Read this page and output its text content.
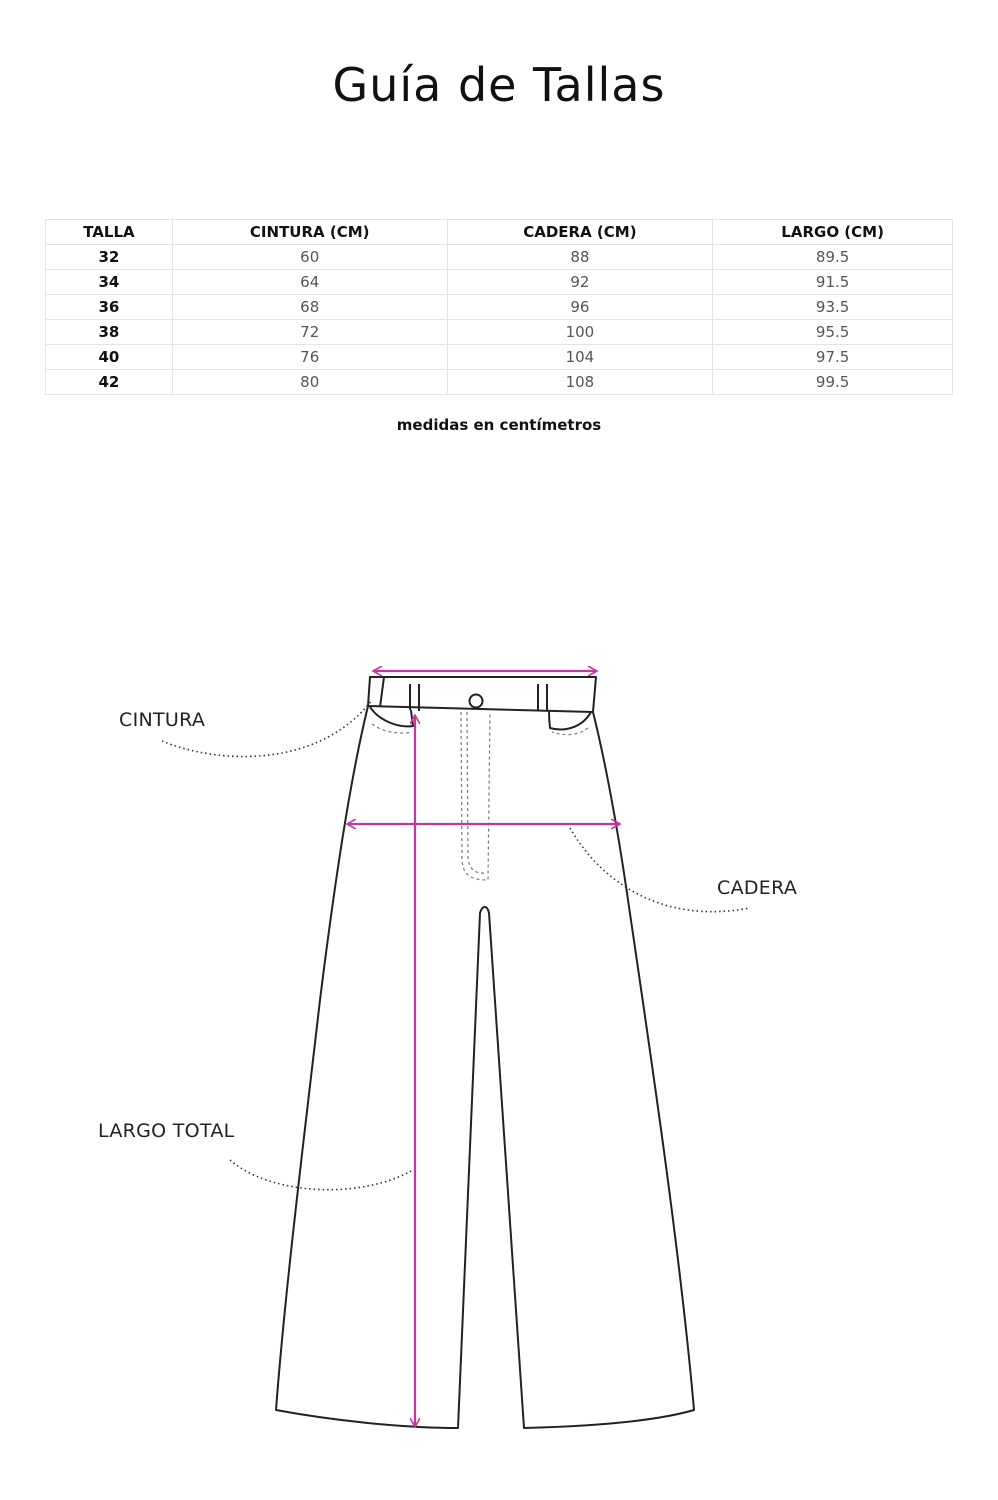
Guía de Tallas
TALLA	CINTURA (CM)	CADERA (CM)	LARGO (CM)
32	60	88	89.5
34	64	92	91.5
36	68	96	93.5
38	72	100	95.5
40	76	104	97.5
42	80	108	99.5
medidas en centímetros
CINTURA
CADERA
LARGO TOTAL
